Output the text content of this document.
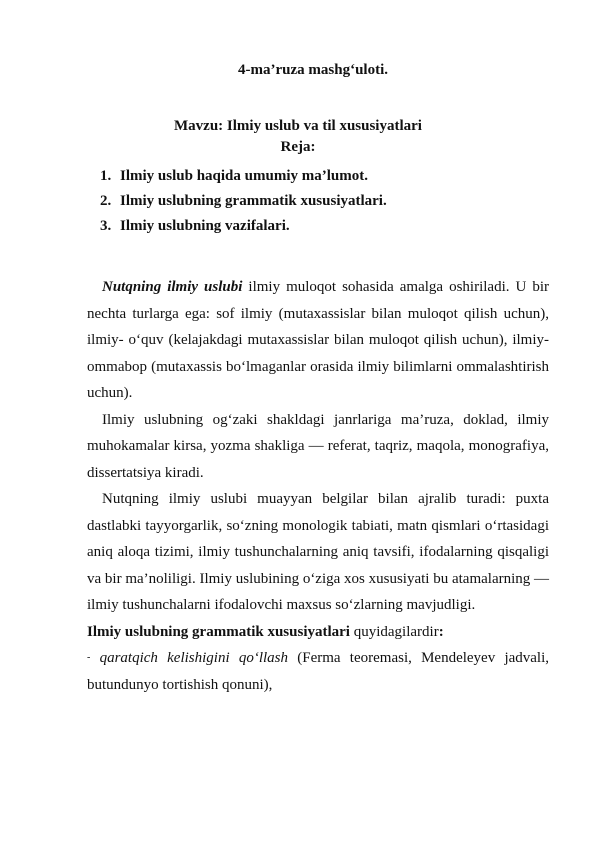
4-ma’ruza mashg‘uloti.
Mavzu: Ilmiy uslub va til xususiyatlari
Reja:
1. Ilmiy uslub haqida umumiy ma’lumot.
2. Ilmiy uslubning grammatik xususiyatlari.
3. Ilmiy uslubning vazifalari.

Nutqning ilmiy uslubi ilmiy muloqot sohasida amalga oshiriladi. U bir nechta turlarga ega: sof ilmiy (mutaxassislar bilan muloqot qilish uchun), ilmiy- o‘quv (kelajakdagi mutaxassislar bilan muloqot qilish uchun), ilmiy-ommabop (mutaxassis bo‘lmaganlar orasida ilmiy bilimlarni ommalashtirish uchun).

Ilmiy uslubning og‘zaki shakldagi janrlariga ma’ruza, doklad, ilmiy muhokamalar kirsa, yozma shakliga — referat, taqriz, maqola, monografiya, dissertatsiya kiradi.

Nutqning ilmiy uslubi muayyan belgilar bilan ajralib turadi: puxta dastlabki tayyorgarlik, so‘zning monologik tabiati, matn qismlari o‘rtasidagi aniq aloqa tizimi, ilmiy tushunchalarning aniq tavsifi, ifodalarning qisqaligi va bir ma’noliligi. Ilmiy uslubining o‘ziga xos xususiyati bu atamalarning — ilmiy tushunchalarni ifodalovchi maxsus so‘zlarning mavjudligi.

Ilmiy uslubning grammatik xususiyatlari quyidagilardir:

- qaratqich kelishigini qo‘llash (Ferma teoremasi, Mendeleyev jadvali, butundunyo tortishish qonuni),
